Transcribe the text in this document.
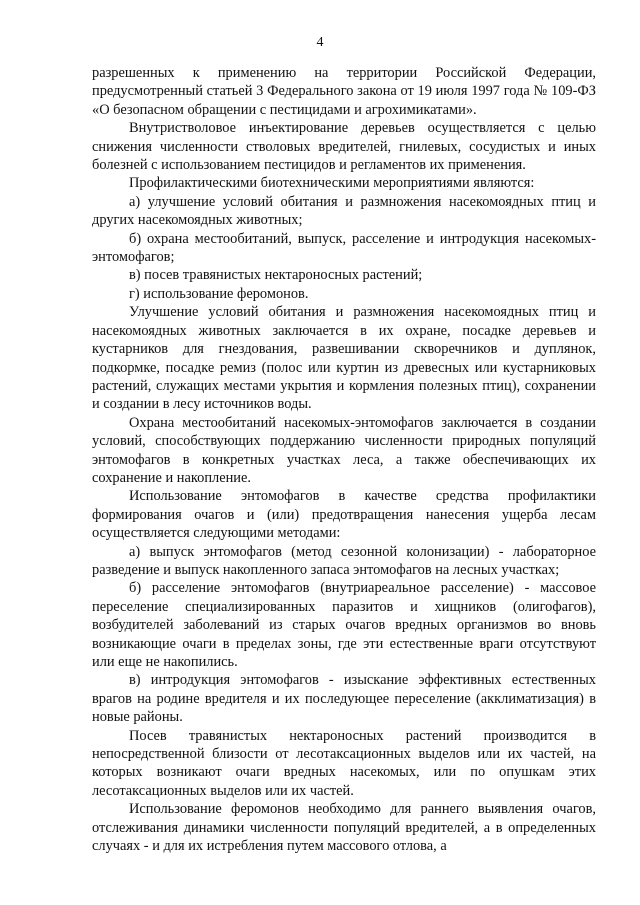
4

разрешенных к применению на территории Российской Федерации, предусмотренный статьей 3 Федерального закона от 19 июля 1997 года № 109-ФЗ «О безопасном обращении с пестицидами и агрохимикатами».

Внутристволовое инъектирование деревьев осуществляется с целью снижения численности стволовых вредителей, гнилевых, сосудистых и иных болезней с использованием пестицидов и регламентов их применения.

Профилактическими биотехническими мероприятиями являются:

а) улучшение условий обитания и размножения насекомоядных птиц и других насекомоядных животных;

б) охрана местообитаний, выпуск, расселение и интродукция насекомых-энтомофагов;

в) посев травянистых нектароносных растений;

г) использование феромонов.

Улучшение условий обитания и размножения насекомоядных птиц и насекомоядных животных заключается в их охране, посадке деревьев и кустарников для гнездования, развешивании скворечников и дуплянок, подкормке, посадке ремиз (полос или куртин из древесных или кустарниковых растений, служащих местами укрытия и кормления полезных птиц), сохранении и создании в лесу источников воды.

Охрана местообитаний насекомых-энтомофагов заключается в создании условий, способствующих поддержанию численности природных популяций энтомофагов в конкретных участках леса, а также обеспечивающих их сохранение и накопление.

Использование энтомофагов в качестве средства профилактики формирования очагов и (или) предотвращения нанесения ущерба лесам осуществляется следующими методами:

а) выпуск энтомофагов (метод сезонной колонизации) - лабораторное разведение и выпуск накопленного запаса энтомофагов на лесных участках;

б) расселение энтомофагов (внутриареальное расселение) - массовое переселение специализированных паразитов и хищников (олигофагов), возбудителей заболеваний из старых очагов вредных организмов во вновь возникающие очаги в пределах зоны, где эти естественные враги отсутствуют или еще не накопились.

в) интродукция энтомофагов - изыскание эффективных естественных врагов на родине вредителя и их последующее переселение (акклиматизация) в новые районы.

Посев травянистых нектароносных растений производится в непосредственной близости от лесотаксационных выделов или их частей, на которых возникают очаги вредных насекомых, или по опушкам этих лесотаксационных выделов или их частей.

Использование феромонов необходимо для раннего выявления очагов, отслеживания динамики численности популяций вредителей, а в определенных случаях - и для их истребления путем массового отлова, а
